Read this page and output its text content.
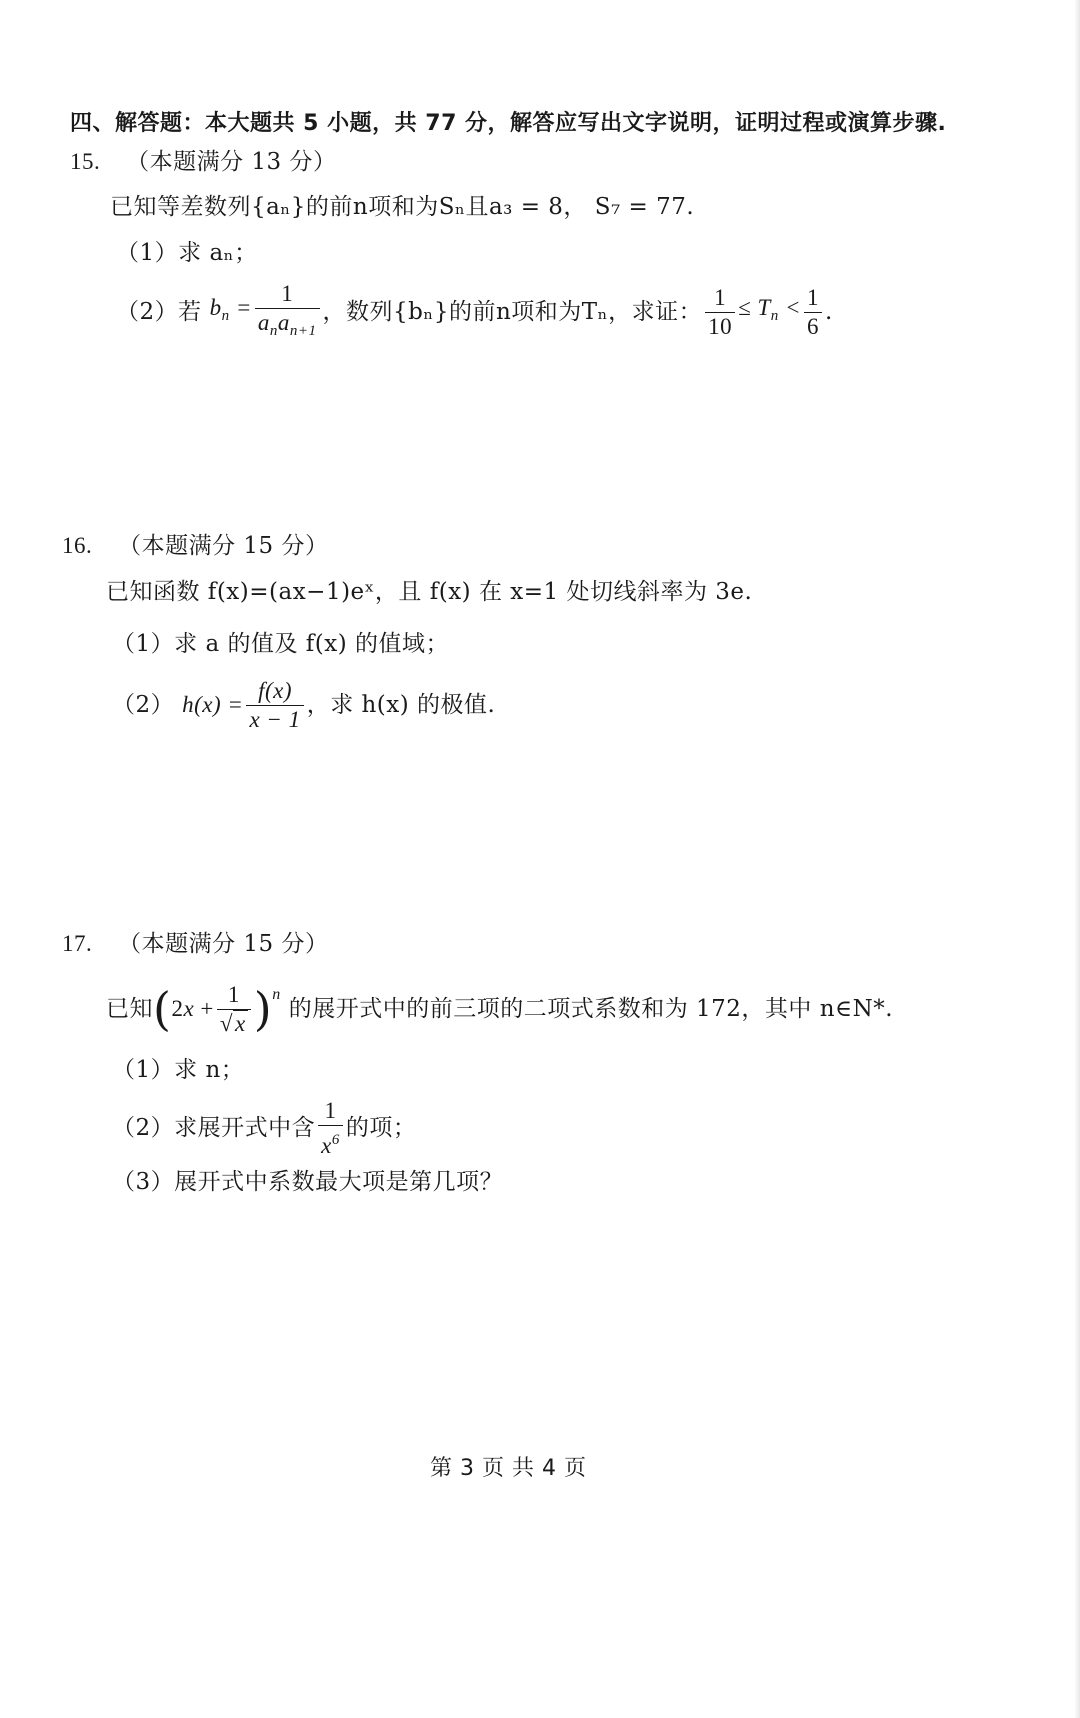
四、解答题：本大题共 5 小题，共 77 分，解答应写出文字说明，证明过程或演算步骤.
15. （本题满分 13 分）
已知等差数列{aₙ}的前n项和为Sₙ且a₃ = 8， S₇ = 77.
（1）求 aₙ；
（2）若 $b_n = \frac{1}{a_na_{n+1}}$ ，数列{bₙ}的前n项和为Tₙ，求证： $\frac{1}{10} \le T_n < \frac{1}{6}$ .
16. （本题满分 15 分）
已知函数 f(x)=(ax−1)eˣ，且 f(x) 在 x=1 处切线斜率为 3e.
（1）求 a 的值及 f(x) 的值域；
（2） $h(x) = \frac{f(x)}{x - 1}$ ，求 h(x) 的极值.
17. （本题满分 15 分）
已知 ( $2x + \frac{1}{√x}$ ) n
的展开式中的前三项的二项式系数和为 172，其中 n∈N*.
（1）求 n；
（2）求展开式中含 $\frac{1}{x^6}$ 的项；
（3）展开式中系数最大项是第几项？
第 3 页 共 4 页
